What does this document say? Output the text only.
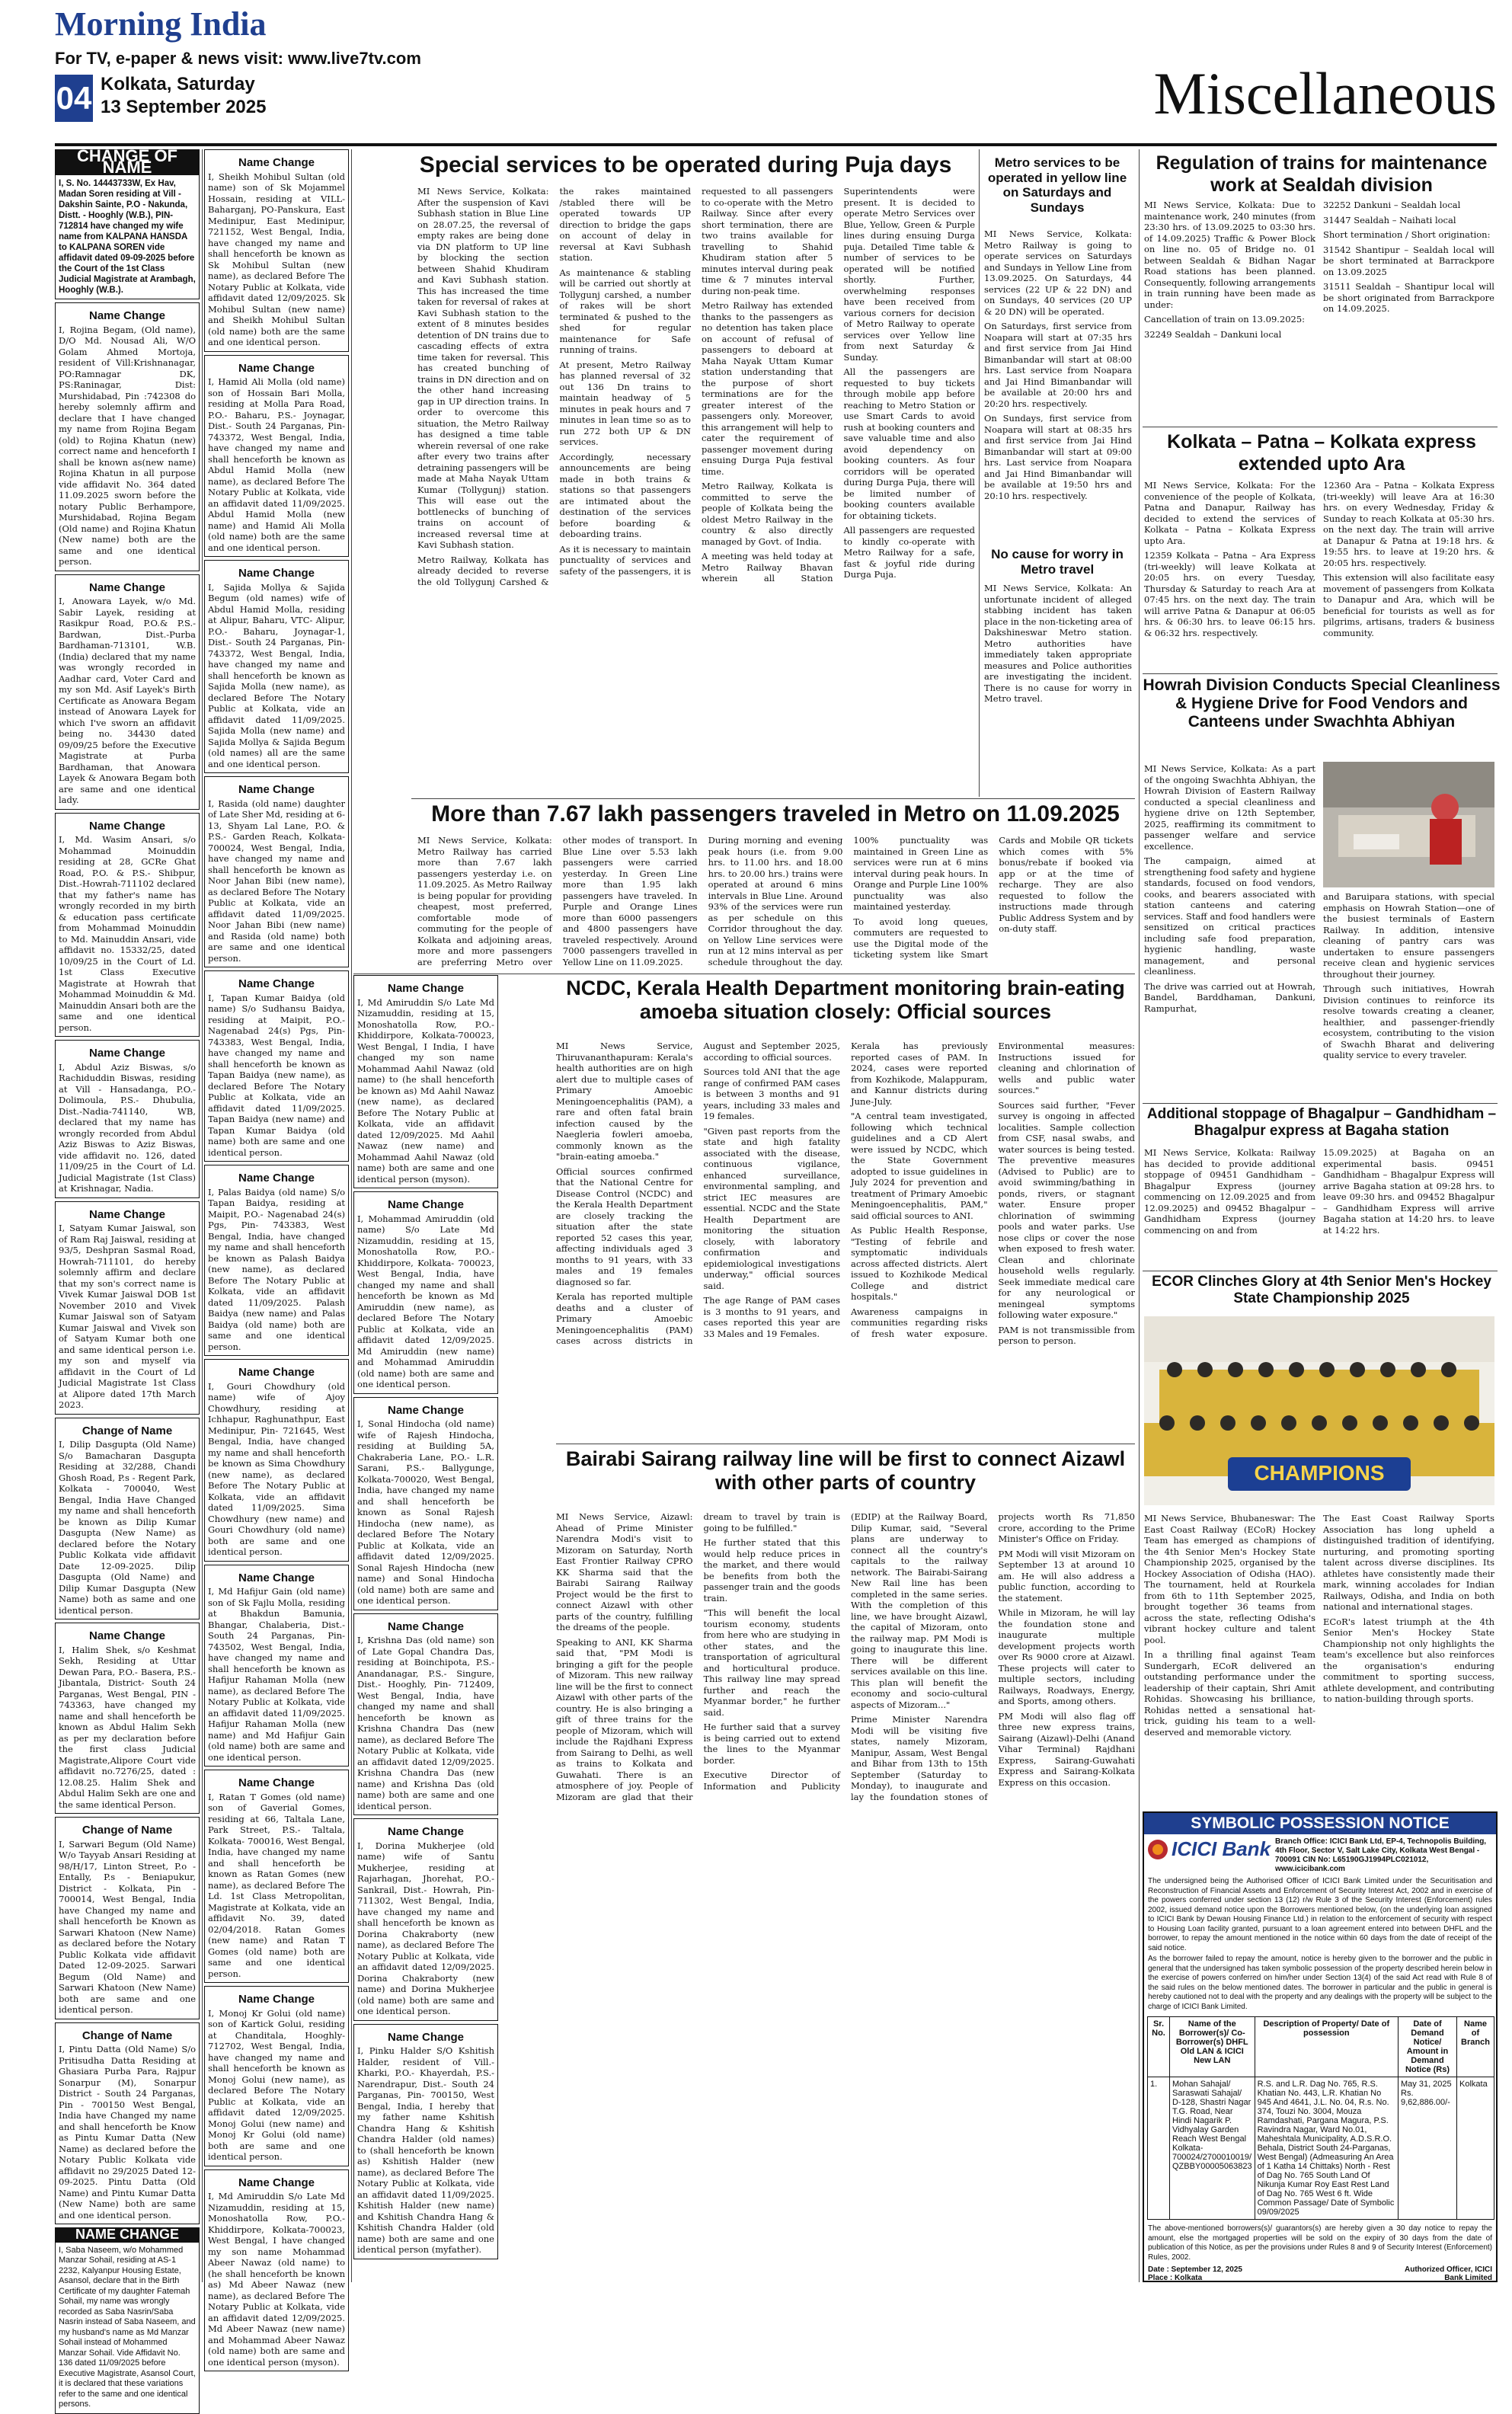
Morning India
For TV, e-paper & news visit: www.live7tv.com
04 Kolkata, Saturday
13 September 2025	Miscellaneous
CHANGE OF NAME
I, S. No. 14443733W, Ex Hav, Madan Soren residing at Vill - Dakshin Sainte, P.O - Nakunda, Distt. - Hooghly (W.B.), PIN-712814 have changed my wife name from KALPANA HANSDA to KALPANA SOREN vide affidavit dated 09-09-2025 before the Court of the 1st Class Judicial Magistrate at Arambagh, Hooghly (W.B.).
Name Change
I, Rojina Begam, (Old name), D/O Md. Nousad Ali, W/O Golam Ahmed Mortoja, resident of Vill:Krishnanagar, PO:Ramnagar DK, PS:Raninagar, Dist: Murshidabad, Pin :742308 do hereby solemnly affirm and declare that I have changed my name from Rojina Begam (old) to Rojina Khatun (new) correct name and henceforth I shall be known as(new name) Rojina Khatun in all purpose vide affidavit No. 364 dated 11.09.2025 sworn before the notary Public Berhampore, Murshidabad, Rojina Begam (Old name) and Rojina Khatun (New name) both are the same and one identical person.
Name Change
I, Anowara Layek, w/o Md. Sabir Layek, residing at Rasikpur Road, P.O.& P.S.- Bardwan, Dist.-Purba Bardhaman-713101, W.B. (India) declared that my name was wrongly recorded in Aadhar card, Voter Card and my son Md. Asif Layek's Birth Certificate as Anowara Begam instead of Anowara Layek for which I've sworn an affidavit being no. 34430 dated 09/09/25 before the Executive Magistrate at Purba Bardhaman, that Anowara Layek & Anowara Begam both are same and one identical lady.
Name Change
I, Md. Wasim Ansari, s/o Mohammad Moinuddin residing at 28, GCRe Ghat Road, P.O. & P.S.- Shibpur, Dist.-Howrah-711102 declared that my father's name has wrongly recorded in my birth & education pass certificate from Mohammad Moinuddin to Md. Mainuddin Ansari, vide affidavit no. 15332/25, dated 10/09/25 in the Court of Ld. 1st Class Executive Magistrate at Howrah that Mohammad Moinuddin & Md. Mainuddin Ansari both are the same and one identical person.
Name Change
I, Abdul Aziz Biswas, s/o Rachiduddin Biswas, residing at Vill - Hansadanga, P.O.-Dolimoula, P.S.- Dhubulia, Dist.-Nadia-741140, WB, declared that my name has wrongly recorded from Abdul Aziz Biswas to Aziz Biswas, vide affidavit no. 126, dated 11/09/25 in the Court of Ld. Judicial Magistrate (1st Class) at Krishnagar, Nadia.
Name Change
I, Satyam Kumar Jaiswal, son of Ram Raj Jaiswal, residing at 93/5, Deshpran Sasmal Road, Howrah-711101, do hereby solemnly affirm and declare that my son's correct name is Vivek Kumar Jaiswal DOB 1st November 2010 and Vivek Kumar Jaiswal son of Satyam Kumar Jaiswal and Vivek son of Satyam Kumar both one and same identical person i.e. my son and myself via affidavit in the Court of Ld Judicial Magistrate 1st Class at Alipore dated 17th March 2023.
Change of Name
I, Dilip Dasgupta (Old Name) S/o Bamacharan Dasgupta Residing at 32/288, Chandi Ghosh Road, P.s - Regent Park, Kolkata - 700040, West Bengal, India Have Changed my name and shall henceforth be known as Dilip Kumar Dasgupta (New Name) as declared before the Notary Public Kolkata vide affidavit Date 12-09-2025. Dilip Dasgupta (Old Name) and Dilip Kumar Dasgupta (New Name) both as same and one identical person.
Name Change
I, Halim Shek, s/o Keshmat Sekh, Residing at Uttar Dewan Para, P.O.- Basera, P.S.-Jibantala, District- South 24 Parganas, West Bengal, PIN - 743363, have changed my name and shall henceforth be known as Abdul Halim Sekh as per my declaration before the first class Judicial Magistrate,Alipore Court vide affidavit no.7276/25, dated : 12.08.25. Halim Shek and Abdul Halim Sekh are one and the same identical Person.
Change of Name
I, Sarwari Begum (Old Name) W/o Tayyab Ansari Residing at 98/H/17, Linton Street, P.o - Entally, P.s - Beniapukur, District - Kolkata, Pin - 700014, West Bengal, India have Changed my name and shall henceforth be Known as Sarwari Khatoon (New Name) as declared before the Notary Public Kolkata vide affidavit Dated 12-09-2025. Sarwari Begum (Old Name) and Sarwari Khatoon (New Name) both are same and one identical person.
Change of Name
I, Pintu Datta (Old Name) S/o Pritisudha Datta Residing at Ghasiara Purba Para, Rajpur Sonarpur (M), Sonarpur District - South 24 Parganas, Pin - 700150 West Bengal, India have Changed my name and shall henceforth be Know as Pintu Kumar Datta (New Name) as declared before the Notary Public Kolkata vide affidavit no 29/2025 Dated 12-09-2025. Pintu Datta (Old Name) and Pintu Kumar Datta (New Name) both are same and one identical person.
NAME CHANGE
I, Saba Naseem, w/o Mohammed Manzar Sohail, residing at AS-1 2232, Kalyanpur Housing Estate, Asansol, declare that in the Birth Certificate of my daughter Fatemah Sohail, my name was wrongly recorded as Saba Nasrin/Saba Nasrin instead of Saba Naseem, and my husband's name as Md Manzar Sohail instead of Mohammed Manzar Sohail. Vide Affidavit No. 136 dated 11/09/2025 before Executive Magistrate, Asansol Court, it is declared that these variations refer to the same and one identical persons.
Name Change
I, Sheikh Mohibul Sultan (old name) son of Sk Mojammel Hossain, residing at VILL-Baharganj, PO-Panskura, East Medinipur, East Medinipur, 721152, West Bengal, India, have changed my name and shall henceforth be known as Sk Mohibul Sultan (new name), as declared Before The Notary Public at Kolkata, vide affidavit dated 12/09/2025. Sk Mohibul Sultan (new name) and Sheikh Mohibul Sultan (old name) both are the same and one identical person.
Name Change
I, Hamid Ali Molla (old name) son of Hossain Bari Molla, residing at Molla Para Road, P.O.- Baharu, P.S.- Joynagar, Dist.- South 24 Parganas, Pin- 743372, West Bengal, India, have changed my name and shall henceforth be known as Abdul Hamid Molla (new name), as declared Before The Notary Public at Kolkata, vide an affidavit dated 11/09/2025. Abdul Hamid Molla (new name) and Hamid Ali Molla (old name) both are the same and one identical person.
Name Change
I, Sajida Mollya & Sajida Begum (old names) wife of Abdul Hamid Molla, residing at Alipur, Baharu, VTC- Alipur, P.O.- Baharu, Joynagar-1, Dist.- South 24 Parganas, Pin- 743372, West Bengal, India, have changed my name and shall henceforth be known as Sajida Molla (new name), as declared Before The Notary Public at Kolkata, vide an affidavit dated 11/09/2025. Sajida Molla (new name) and Sajida Mollya & Sajida Begum (old names) all are the same and one identical person.
Name Change
I, Rasida (old name) daughter of Late Sher Md, residing at 6-13, Shyam Lal Lane, P.O. & P.S.- Garden Reach, Kolkata- 700024, West Bengal, India, have changed my name and shall henceforth be known as Noor Jahan Bibi (new name), as declared Before The Notary Public at Kolkata, vide an affidavit dated 11/09/2025. Noor Jahan Bibi (new name) and Rasida (old name) both are same and one identical person.
Name Change
I, Tapan Kumar Baidya (old name) S/o Sudhansu Baidya, residing at Maipit, P.O.- Nagenabad 24(s) Pgs, Pin- 743383, West Bengal, India, have changed my name and shall henceforth be known as Tapan Baidya (new name), as declared Before The Notary Public at Kolkata, vide an affidavit dated 11/09/2025. Tapan Baidya (new name) and Tapan Kumar Baidya (old name) both are same and one identical person.
Name Change
I, Palas Baidya (old name) S/o Tapan Baidya, residing at Maipit, P.O.- Nagenabad 24(s) Pgs, Pin- 743383, West Bengal, India, have changed my name and shall henceforth be known as Palash Baidya (new name), as declared Before The Notary Public at Kolkata, vide an affidavit dated 11/09/2025. Palash Baidya (new name) and Palas Baidya (old name) both are same and one identical person.
Name Change
I, Gouri Chowdhury (old name) wife of Ajoy Chowdhury, residing at Ichhapur, Raghunathpur, East Medinipur, Pin- 721645, West Bengal, India, have changed my name and shall henceforth be known as Sima Chowdhury (new name), as declared Before The Notary Public at Kolkata, vide an affidavit dated 11/09/2025. Sima Chowdhury (new name) and Gouri Chowdhury (old name) both are same and one identical person.
Name Change
I, Md Hafijur Gain (old name) son of Sk Fajlu Molla, residing at Bhakdun Bamunia, Bhangar, Chalaberia, Dist.- South 24 Parganas, Pin- 743502, West Bengal, India, have changed my name and shall henceforth be known as Hafijur Rahaman Molla (new name), as declared Before The Notary Public at Kolkata, vide an affidavit dated 11/09/2025. Hafijur Rahaman Molla (new name) and Md Hafijur Gain (old name) both are same and one identical person.
Name Change
I, Ratan T Gomes (old name) son of Gaverial Gomes, residing at 66, Taltala Lane, Park Street, P.S.- Taltala, Kolkata- 700016, West Bengal, India, have changed my name and shall henceforth be known as Ratan Gomes (new name), as declared Before The Ld. 1st Class Metropolitan, Magistrate at Kolkata, vide an affidavit No. 39, dated 02/04/2018. Ratan Gomes (new name) and Ratan T Gomes (old name) both are same and one identical person.
Name Change
I, Monoj Kr Golui (old name) son of Kartick Golui, residing at Chanditala, Hooghly-712702, West Bengal, India, have changed my name and shall henceforth be known as Monoj Golui (new name), as declared Before The Notary Public at Kolkata, vide an affidavit dated 12/09/2025. Monoj Golui (new name) and Monoj Kr Golui (old name) both are same and one identical person.
Name Change
I, Md Amiruddin S/o Late Md Nizamuddin, residing at 15, Monoshatolla Row, P.O.- Khiddirpore, Kolkata-700023, West Bengal, I have changed my son name Mohammad Abeer Nawaz (old name) to (he shall henceforth be known as) Md Abeer Nawaz (new name), as declared Before The Notary Public at Kolkata, vide an affidavit dated 12/09/2025. Md Abeer Nawaz (new name) and Mohammad Abeer Nawaz (old name) both are same and one identical person (myson).
Name Change
I, Md Amiruddin S/o Late Md Nizamuddin, residing at 15, Monoshatolla Row, P.O.- Khiddirpore, Kolkata-700023, West Bengal, I India, I have changed my son name Mohammad Aahil Nawaz (old name) to (he shall henceforth be known as) Md Aahil Nawaz (new name), as declared Before The Notary Public at Kolkata, vide an affidavit dated 12/09/2025. Md Aahil Nawaz (new name) and Mohammad Aahil Nawaz (old name) both are same and one identical person (myson).
Name Change
I, Mohammad Amiruddin (old name) S/o Late Md Nizamuddin, residing at 15, Monoshatolla Row, P.O.- Khiddirpore, Kolkata- 700023, West Bengal, India, have changed my name and shall henceforth be known as Md Amiruddin (new name), as declared Before The Notary Public at Kolkata, vide an affidavit dated 12/09/2025. Md Amiruddin (new name) and Mohammad Amiruddin (old name) both are same and one identical person.
Name Change
I, Sonal Hindocha (old name) wife of Rajesh Hindocha, residing at Building 5A, Chakraberia Lane, P.O.- L.R. Sarani, P.S.- Ballygunge, Kolkata-700020, West Bengal, India, have changed my name and shall henceforth be known as Sonal Rajesh Hindocha (new name), as declared Before The Notary Public at Kolkata, vide an affidavit dated 12/09/2025. Sonal Rajesh Hindocha (new name) and Sonal Hindocha (old name) both are same and one identical person.
Name Change
I, Krishna Das (old name) son of Late Gopal Chandra Das, residing at Boinchipota, P.S.- Anandanagar, P.S.- Singure, Dist.- Hooghly, Pin- 712409, West Bengal, India, have changed my name and shall henceforth be known as Krishna Chandra Das (new name), as declared Before The Notary Public at Kolkata, vide an affidavit dated 12/09/2025. Krishna Chandra Das (new name) and Krishna Das (old name) both are same and one identical person.
Name Change
I, Dorina Mukherjee (old name) wife of Santu Mukherjee, residing at Rajarhagan, Jhorehat, P.O.- Sankrail, Dist.- Howrah, Pin- 711302, West Bengal, India, have changed my name and shall henceforth be known as Dorina Chakraborty (new name), as declared Before The Notary Public at Kolkata, vide an affidavit dated 12/09/2025. Dorina Chakraborty (new name) and Dorina Mukherjee (old name) both are same and one identical person.
Name Change
I, Pinku Halder S/O Kshitish Halder, resident of Vill.- Kharki, P.O.- Khayerdah, P.S.- Narendrapur, Dist.- South 24 Parganas, Pin- 700150, West Bengal, India, I hereby that my father name Kshitish Chandra Hang & Kshitish Chandra Halder (old names) to (shall henceforth be known as) Kshitish Halder (new name), as declared Before The Notary Public at Kolkata, vide an affidavit dated 11/09/2025. Kshitish Halder (new name) and Kshitish Chandra Hang & Kshitish Chandra Halder (old name) both are same and one identical person (myfather).
Special services to be operated during Puja days

MI News Service, Kolkata: After the suspension of Kavi Subhash station in Blue Line on 28.07.25, the reversal of empty rakes are being done via DN platform to UP line by blocking the section between Shahid Khudiram and Kavi Subhash station. This has increased the time taken for reversal of rakes at Kavi Subhash station to the extent of 8 minutes besides detention of DN trains due to cascading effects of extra time taken for reversal. This has created bunching of trains in DN direction and on the other hand increasing gap in UP direction trains. In order to overcome this situation, the Metro Railway has designed a time table wherein reversal of one rake after every two trains after detraining passengers will be made at Maha Nayak Uttam Kumar (Tollygunj) station. This will ease out the bottlenecks of bunching of trains on account of increased reversal time at Kavi Subhash station.

Metro Railway, Kolkata has already decided to reverse the old Tollygunj Carshed & the rakes maintained /stabled there will be operated towards UP direction to bridge the gaps on account of delay in reversal at Kavi Subhash station.

As maintenance & stabling will be carried out shortly at Tollygunj carshed, a number of rakes will be short terminated & pushed to the shed for regular maintenance for Safe running of trains.

At present, Metro Railway has planned reversal of 32 out 136 Dn trains to maintain headway of 5 minutes in peak hours and 7 minutes in lean time so as to run 272 both UP & DN services.

Accordingly, necessary announcements are being made in both trains & stations so that passengers are intimated about the destination of the services before boarding & deboarding trains.

As it is necessary to maintain punctuality of services and safety of the passengers, it is requested to all passengers to co-operate with the Metro Railway. Since after every short termination, there are two trains available for travelling to Shahid Khudiram station after 5 minutes interval during peak time & 7 minutes interval during non-peak time.

Metro Railway has extended thanks to the passengers as no detention has taken place on account of refusal of passengers to deboard at Maha Nayak Uttam Kumar station understanding that the purpose of short terminations are for the greater interest of the passengers only. Moreover, this arrangement will help to cater the requirement of passenger movement during ensuing Durga Puja festival time.

Metro Railway, Kolkata is committed to serve the people of Kolkata being the oldest Metro Railway in the country & also directly managed by Govt. of India.

A meeting was held today at Metro Railway Bhavan wherein all Station Superintendents were present. It is decided to operate Metro Services over Blue, Yellow, Green & Purple lines during ensuing Durga puja. Detailed Time table & number of services to be operated will be notified shortly. Further, overwhelming responses have been received from various corners for decision of Metro Railway to operate services over Yellow line from next Saturday & Sunday.

All the passengers are requested to buy tickets through mobile app before reaching to Metro Station or use Smart Cards to avoid rush at booking counters and save valuable time and also avoid dependency on booking counters. As four corridors will be operated during Durga Puja, there will be limited number of booking counters available for obtaining tickets.

All passengers are requested to kindly co-operate with Metro Railway for a safe, fast & joyful ride during Durga Puja.

Metro services to be operated in yellow line on Saturdays and Sundays

MI News Service, Kolkata: Metro Railway is going to operate services on Saturdays and Sundays in Yellow Line from 13.09.2025. On Saturdays, 44 services (22 UP & 22 DN) and on Sundays, 40 services (20 UP & 20 DN) will be operated.

On Saturdays, first service from Noapara will start at 07:35 hrs and first service from Jai Hind Bimanbandar will start at 08:00 hrs. Last service from Noapara and Jai Hind Bimanbandar will be available at 20:00 hrs and 20:20 hrs. respectively.

On Sundays, first service from Noapara will start at 08:35 hrs and first service from Jai Hind Bimanbandar will start at 09:00 hrs. Last service from Noapara and Jai Hind Bimanbandar will be available at 19:50 hrs and 20:10 hrs. respectively.

No cause for worry in Metro travel

MI News Service, Kolkata: An unfortunate incident of alleged stabbing incident has taken place in the non-ticketing area of Dakshineswar Metro station. Metro authorities have immediately taken appropriate measures and Police authorities are investigating the incident. There is no cause for worry in Metro travel.

Regulation of trains for maintenance work at Sealdah division

MI News Service, Kolkata: Due to maintenance work, 240 minutes (from 23:30 hrs. of 13.09.2025 to 03:30 hrs. of 14.09.2025) Traffic & Power Block on line no. 05 of Bridge no. 01 between Sealdah & Bidhan Nagar Road stations has been planned. Consequently, following arrangements in train running have been made as under:

Cancellation of train on 13.09.2025:

32249 Sealdah – Dankuni local

32252 Dankuni – Sealdah local

31447 Sealdah – Naihati local

Short termination / Short origination:

31542 Shantipur – Sealdah local will be short terminated at Barrackpore on 13.09.2025

31511 Sealdah – Shantipur local will be short originated from Barrackpore on 14.09.2025.

Kolkata – Patna – Kolkata express extended upto Ara

MI News Service, Kolkata: For the convenience of the people of Kolkata, Patna and Danapur, Railway has decided to extend the services of Kolkata – Patna – Kolkata Express upto Ara.

12359 Kolkata – Patna – Ara Express (tri-weekly) will leave Kolkata at 20:05 hrs. on every Tuesday, Thursday & Saturday to reach Ara at 07:45 hrs. on the next day. The train will arrive Patna & Danapur at 06:05 hrs. & 06:30 hrs. to leave 06:15 hrs. & 06:32 hrs. respectively.

12360 Ara – Patna – Kolkata Express (tri-weekly) will leave Ara at 16:30 hrs. on every Wednesday, Friday & Sunday to reach Kolkata at 05:30 hrs. on the next day. The train will arrive at Danapur & Patna at 19:18 hrs. & 19:55 hrs. to leave at 19:20 hrs. & 20:05 hrs. respectively.

This extension will also facilitate easy movement of passengers from Kolkata to Danapur and Ara, which will be beneficial for tourists as well as for pilgrims, artisans, traders & business community.

Howrah Division Conducts Special Cleanliness & Hygiene Drive for Food Vendors and Canteens under Swachhta Abhiyan

MI News Service, Kolkata: As a part of the ongoing Swachhta Abhiyan, the Howrah Division of Eastern Railway conducted a special cleanliness and hygiene drive on 12th September, 2025, reaffirming its commitment to passenger welfare and service excellence.

The campaign, aimed at strengthening food safety and hygiene standards, focused on food vendors, cooks, and bearers associated with station canteens and catering services. Staff and food handlers were sensitized on critical practices including safe food preparation, hygienic handling, waste management, and personal cleanliness.

The drive was carried out at Howrah, Bandel, Barddhaman, Dankuni, Rampurhat,

and Baruipara stations, with special emphasis on Howrah Station—one of the busiest terminals of Eastern Railway. In addition, intensive cleaning of pantry cars was undertaken to ensure passengers receive clean and hygienic services throughout their journey.

Through such initiatives, Howrah Division continues to reinforce its resolve towards creating a cleaner, healthier, and passenger-friendly ecosystem, contributing to the vision of Swachh Bharat and delivering quality service to every traveler.

Additional stoppage of Bhagalpur – Gandhidham – Bhagalpur express at Bagaha station

MI News Service, Kolkata: Railway has decided to provide additional stoppage of 09451 Gandhidham – Bhagalpur Express (journey commencing on 12.09.2025 and from 12.09.2025) and 09452 Bhagalpur – Gandhidham Express (journey commencing on and from

15.09.2025) at Bagaha on an experimental basis. 09451 Gandhidham – Bhagalpur Express will arrive Bagaha station at 09:28 hrs. to leave 09:30 hrs. and 09452 Bhagalpur – Gandhidham Express will arrive Bagaha station at 14:20 hrs. to leave at 14:22 hrs.

ECOR Clinches Glory at 4th Senior Men's Hockey State Championship 2025
CHAMPIONS

MI News Service, Bhubaneswar: The East Coast Railway (ECoR) Hockey Team has emerged as champions of the 4th Senior Men's Hockey State Championship 2025, organised by the Hockey Association of Odisha (HAO). The tournament, held at Rourkela from 6th to 11th September 2025, brought together 36 teams from across the state, reflecting Odisha's vibrant hockey culture and talent pool.

In a thrilling final against Team Sundergarh, ECoR delivered an outstanding performance under the leadership of their captain, Shri Amit Rohidas. Showcasing his brilliance, Rohidas netted a sensational hat-trick, guiding his team to a well-deserved and memorable victory.

The East Coast Railway Sports Association has long upheld a distinguished tradition of identifying, nurturing, and promoting sporting talent across diverse disciplines. Its athletes have consistently made their mark, winning accolades for Indian Railways, Odisha, and India on both national and international stages.

ECoR's latest triumph at the 4th Senior Men's Hockey State Championship not only highlights the team's excellence but also reinforces the organisation's enduring commitment to sporting success, athlete development, and contributing to nation-building through sports.

More than 7.67 lakh passengers traveled in Metro on 11.09.2025

MI News Service, Kolkata: Metro Railway has carried more than 7.67 lakh passengers yesterday i.e. on 11.09.2025. As Metro Railway is being popular for providing cheapest, most preferred, comfortable mode of commuting for the people of Kolkata and adjoining areas, more and more passengers are preferring Metro over other modes of transport. In Blue Line over 5.53 lakh passengers were carried yesterday. In Green Line more than 1.95 lakh passengers have traveled. In Purple and Orange Lines more than 6000 passengers and 4800 passengers have traveled respectively. Around 7000 passengers travelled in Yellow Line on 11.09.2025.

During morning and evening peak hours (i.e. from 9.00 hrs. to 11.00 hrs. and 18.00 hrs. to 20.00 hrs.) trains were operated at around 6 mins intervals in Blue Line. Around 93% of the services were run as per schedule on this Corridor throughout the day. on Yellow Line services were run at 12 mins interval as per schedule throughout the day. 100% punctuality was maintained in Green Line as services were run at 6 mins interval during peak hours. In Orange and Purple Line 100% punctuality was also maintained yesterday.

To avoid long queues, commuters are requested to use the Digital mode of the ticketing system like Smart Cards and Mobile QR tickets which comes with 5% bonus/rebate if booked via app or at the time of recharge. They are also requested to follow the instructions made through Public Address System and by on-duty staff.

NCDC, Kerala Health Department monitoring brain-eating amoeba situation closely: Official sources

MI News Service, Thiruvananthapuram: Kerala's health authorities are on high alert due to multiple cases of Primary Amoebic Meningoencephalitis (PAM), a rare and often fatal brain infection caused by the Naegleria fowleri amoeba, commonly known as the "brain-eating amoeba."

Official sources confirmed that the National Centre for Disease Control (NCDC) and the Kerala Health Department are closely tracking the situation after the state reported 52 cases this year, affecting individuals aged 3 months to 91 years, with 33 males and 19 females diagnosed so far.

Kerala has reported multiple deaths and a cluster of Primary Amoebic Meningoencephalitis (PAM) cases across districts in August and September 2025, according to official sources.

Sources told ANI that the age range of confirmed PAM cases is between 3 months and 91 years, including 33 males and 19 females.

"Given past reports from the state and high fatality associated with the disease, continuous vigilance, enhanced surveillance, environmental sampling, and strict IEC measures are essential. NCDC and the State Health Department are monitoring the situation closely, with laboratory confirmation and epidemiological investigations underway," official sources said.

The age Range of PAM cases is 3 months to 91 years, and cases reported this year are 33 Males and 19 Females.

Kerala has previously reported cases of PAM. In 2024, cases were reported from Kozhikode, Malappuram, and Kannur districts during June-July.

"A central team investigated, following which technical guidelines and a CD Alert were issued by NCDC, which the State Government adopted to issue guidelines in July 2024 for prevention and treatment of Primary Amoebic Meningoencephalitis, PAM," said official sources to ANI.

As Public Health Response, "Testing of febrile and symptomatic individuals across affected districts. Alert issued to Kozhikode Medical College and district hospitals."

Awareness campaigns in communities regarding risks of fresh water exposure. Environmental measures: Instructions issued for cleaning and chlorination of wells and public water sources."

Sources said further, "Fever survey is ongoing in affected localities. Sample collection from CSF, nasal swabs, and water sources is being tested. The preventive measures (Advised to Public) are to avoid swimming/bathing in ponds, rivers, or stagnant water. Ensure proper chlorination of swimming pools and water parks. Use nose clips or cover the nose when exposed to fresh water. Clean and chlorinate household wells regularly. Seek immediate medical care for any neurological or meningeal symptoms following water exposure."

PAM is not transmissible from person to person.

Bairabi Sairang railway line will be first to connect Aizawl with other parts of country

MI News Service, Aizawl: Ahead of Prime Minister Narendra Modi's visit to Mizoram on Saturday, North East Frontier Railway CPRO KK Sharma said that the Bairabi Sairang Railway Project would be the first to connect Aizawl with other parts of the country, fulfilling the dreams of the people.

Speaking to ANI, KK Sharma said that, "PM Modi is bringing a gift for the people of Mizoram. This new railway line will be the first to connect Aizawl with other parts of the country. He is also bringing a gift of three trains for the people of Mizoram, which will include the Rajdhani Express from Sairang to Delhi, as well as trains to Kolkata and Guwahati. There is an atmosphere of joy. People of Mizoram are glad that their dream to travel by train is going to be fulfilled."

He further stated that this would help reduce prices in the market, and there would be benefits from both the passenger train and the goods train.

"This will benefit the local tourism economy, students from here who are studying in other states, and the transportation of agricultural and horticultural produce. This railway line may spread further and reach the Myanmar border," he further said.

He further said that a survey is being carried out to extend the lines to the Myanmar border.

Executive Director of Information and Publicity (EDIP) at the Railway Board, Dilip Kumar, said, "Several plans are underway to connect all the country's capitals to the railway network. The Bairabi-Sairang New Rail line has been completed in the same series. With the completion of this line, we have brought Aizawl, the capital of Mizoram, onto the railway map. PM Modi is going to inaugurate this line. There will be different services available on this line. This plan will benefit the economy and socio-cultural aspects of Mizoram..."

Prime Minister Narendra Modi will be visiting five states, namely Mizoram, Manipur, Assam, West Bengal and Bihar from 13th to 15th September (Saturday to Monday), to inaugurate and lay the foundation stones of projects worth Rs 71,850 crore, according to the Prime Minister's Office on Friday.

PM Modi will visit Mizoram on September 13 at around 10 am. He will also address a public function, according to the statement.

While in Mizoram, he will lay the foundation stone and inaugurate multiple development projects worth over Rs 9000 crore at Aizawl. These projects will cater to multiple sectors, including Railways, Roadways, Energy, and Sports, among others.

PM Modi will also flag off three new express trains, Sairang (Aizawl)-Delhi (Anand Vihar Terminal) Rajdhani Express, Sairang-Guwahati Express and Sairang-Kolkata Express on this occasion.

SYMBOLIC POSSESSION NOTICE
ICICI Bank Branch Office: ICICI Bank Ltd, EP-4, Technopolis Building, 4th Floor, Sector V, Salt Lake City, Kolkata West Bengal - 700091 CIN No: L65190GJ1994PLC021012, www.icicibank.com
The undersigned being the Authorised Officer of ICICI Bank Limited under the Securitisation and Reconstruction of Financial Assets and Enforcement of Security Interest Act, 2002 and in exercise of the powers conferred under section 13 (12) r/w Rule 3 of the Security Interest (Enforcement) rules 2002, issued demand notice upon the Borrowers mentioned below, (on the underlying loan assigned to ICICI Bank by Dewan Housing Finance Ltd.) in relation to the enforcement of security with respect to Housing Loan facility granted, pursuant to a loan agreement entered into between DHFL and the borrower, to repay the amount mentioned in the notice within 60 days from the date of receipt of the said notice.
As the borrower failed to repay the amount, notice is hereby given to the borrower and the public in general that the undersigned has taken symbolic possession of the property described herein below in the exercise of powers conferred on him/her under Section 13(4) of the said Act read with Rule 8 of the said rules on the below mentioned dates. The borrower in particular and the public in general is hereby cautioned not to deal with the property and any dealings with the property will be subject to the charge of ICICI Bank Limited.
Sr. No.	Name of the Borrower(s)/ Co-Borrower(s) DHFL Old LAN & ICICI New LAN	Description of Property/ Date of possession	Date of Demand Notice/ Amount in Demand Notice (Rs)	Name of Branch
1.	Mohan Sahajal/ Saraswati Sahajal/ D-128, Shastri Nagar T.G. Road, Near Hindi Nagarik P. Vidhyalay Garden Reach West Bengal Kolkata-700024/2700010019/ QZBBY00005063823	R.S. and L.R. Dag No. 765, R.S. Khatian No. 443, L.R. Khatian No 945 And 4641, J.L. No. 04, R.s. No. 374, Touzi No. 3004, Mouza Ramdashati, Pargana Magura, P.S. Ravindra Nagar, Ward No.01, Maheshtala Municipality, A.D.S.R.O. Behala, District South 24-Parganas, West Bengal) (Admeasuring An Area of 1 Katha 14 Chittaks) North - Rest of Dag No. 765 South Land Of Nikunja Kumar Roy East Rest Land of Dag No. 765 West 6 ft. Wide Common Passage/ Date of Symbolic 09/09/2025	May 31, 2025 Rs. 9,62,886.00/-	Kolkata
The above-mentioned borrowers(s)/ guarantors(s) are hereby given a 30 day notice to repay the amount, else the mortgaged properties will be sold on the expiry of 30 days from the date of publication of this Notice, as per the provisions under Rules 8 and 9 of Security Interest (Enforcement) Rules, 2002.
Date : September 12, 2025
Place : Kolkata
Authorized Officer, ICICI Bank Limited
